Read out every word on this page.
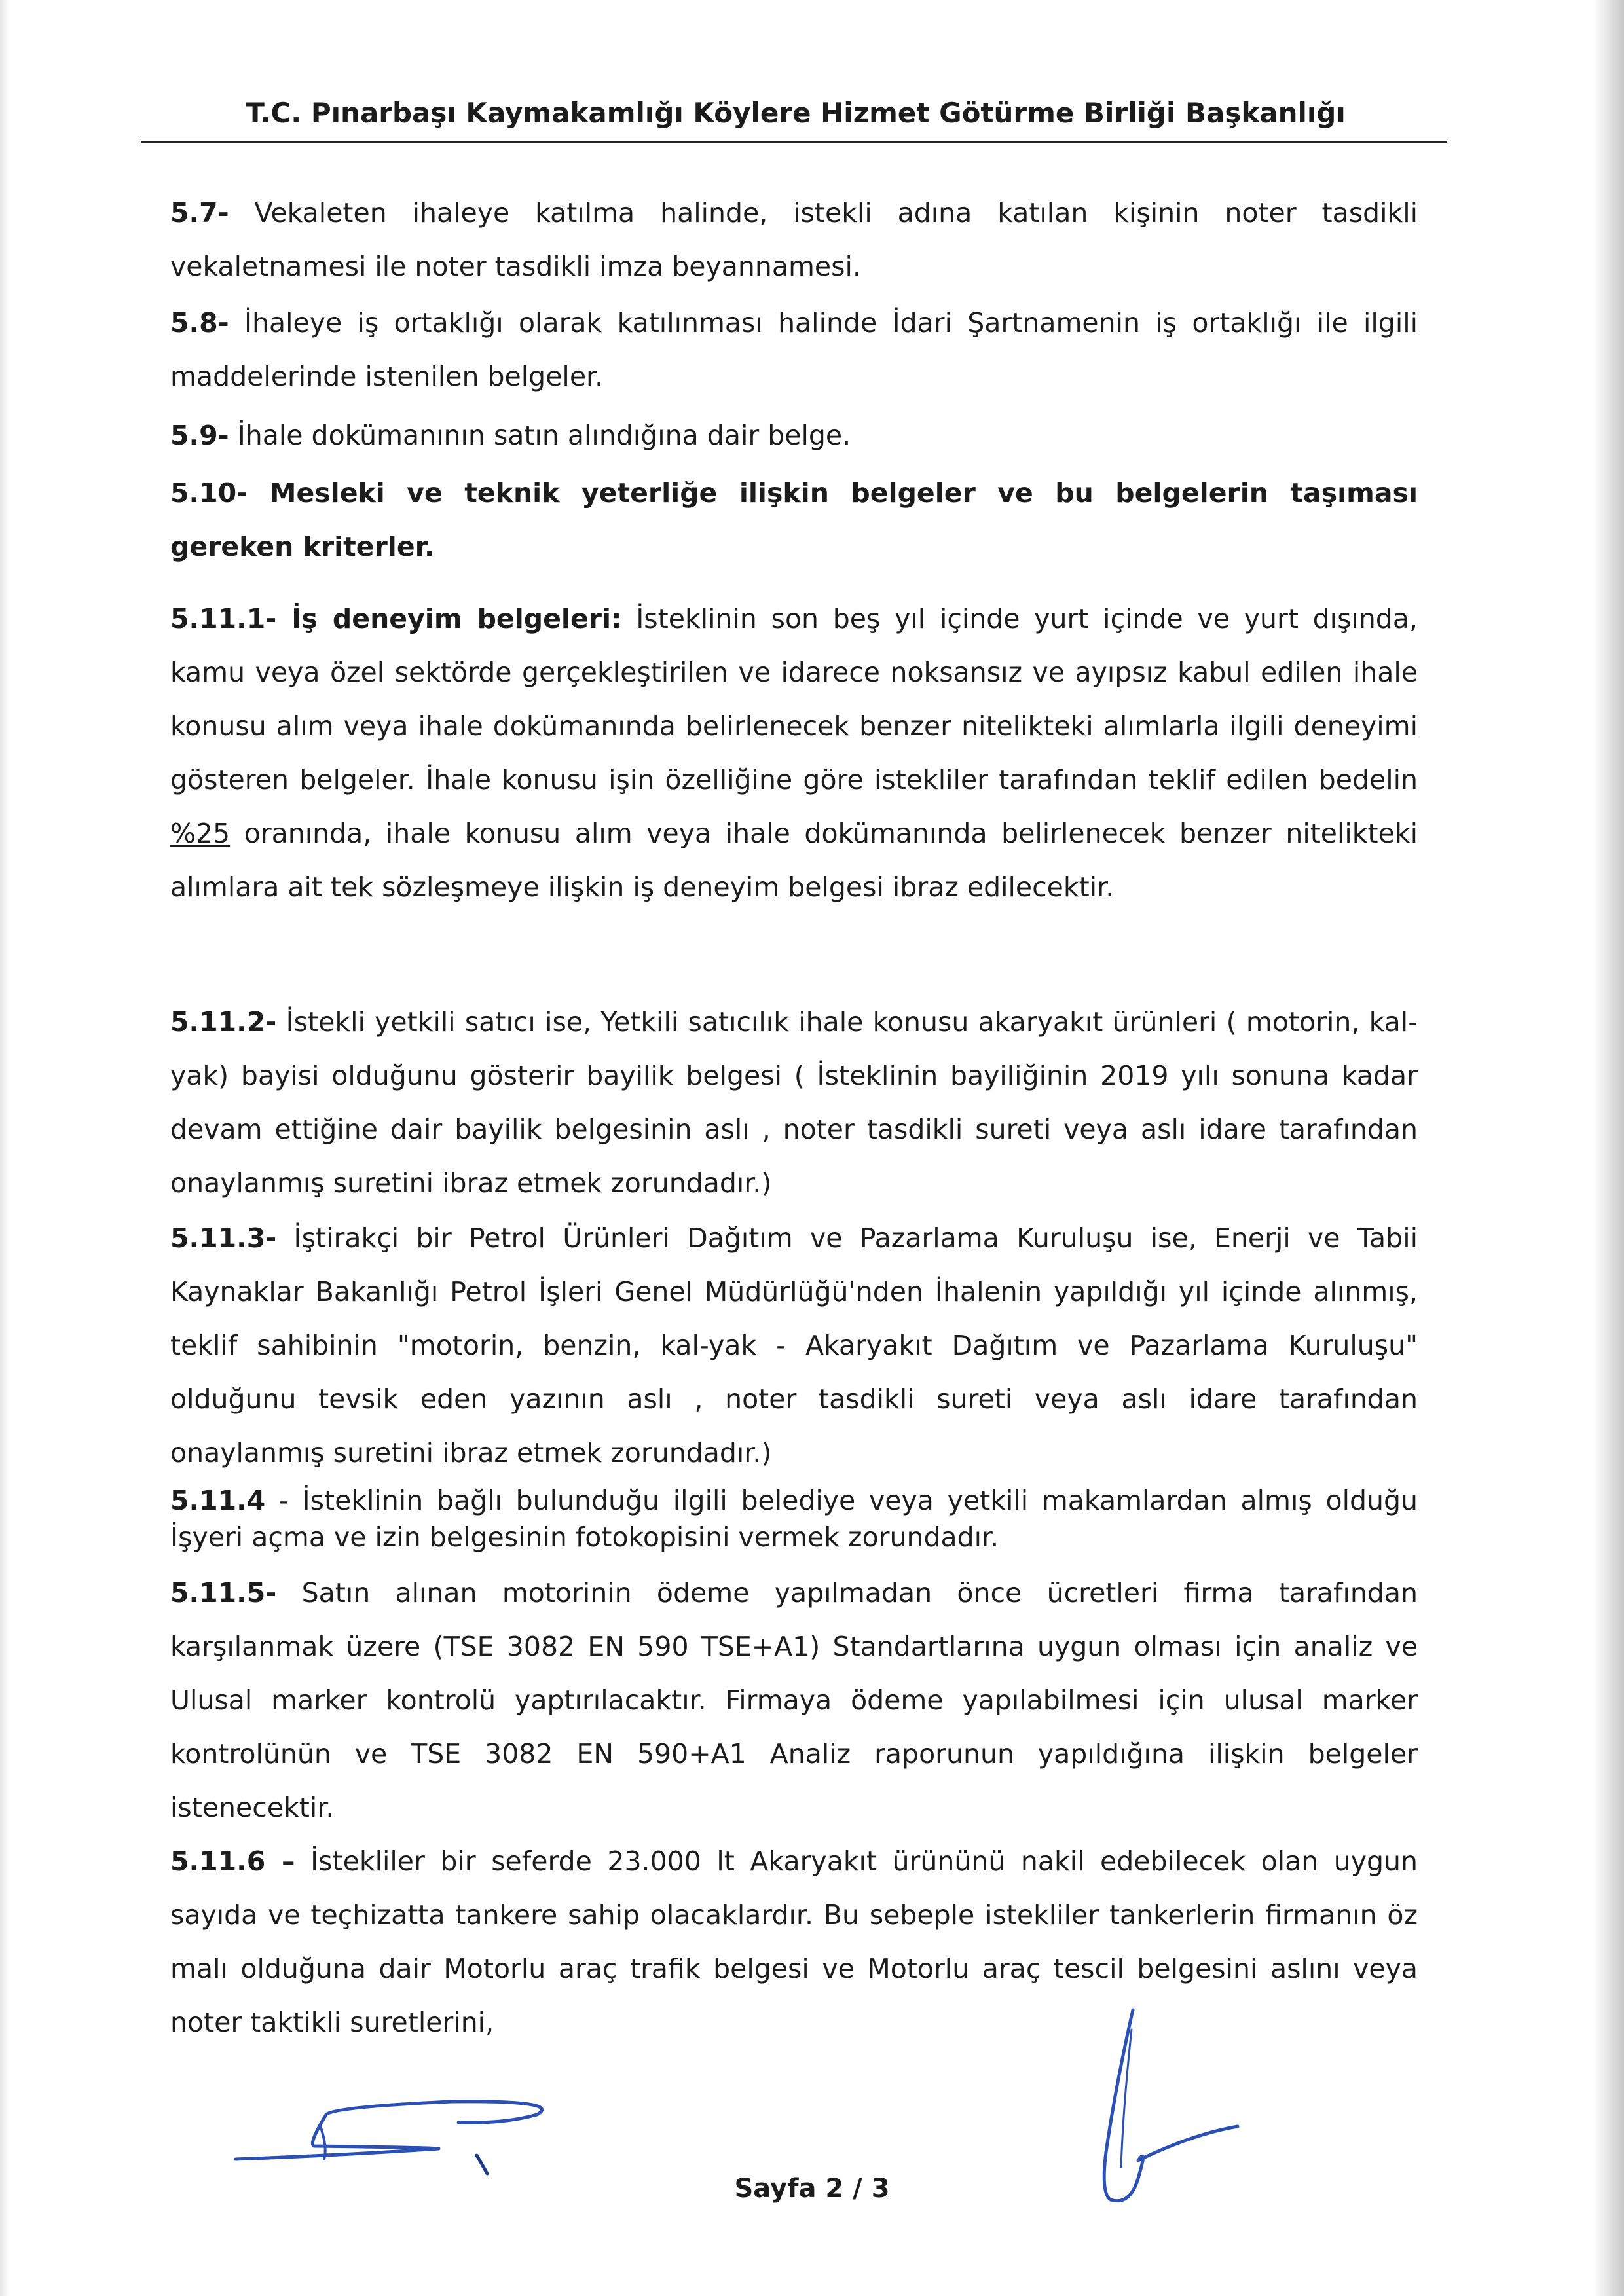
T.C. Pınarbaşı Kaymakamlığı Köylere Hizmet Götürme Birliği Başkanlığı
5.7- Vekaleten ihaleye katılma halinde, istekli adına katılan kişinin noter tasdikli vekaletnamesi ile noter tasdikli imza beyannamesi.
5.8- İhaleye iş ortaklığı olarak katılınması halinde İdari Şartnamenin iş ortaklığı ile ilgili maddelerinde istenilen belgeler.
5.9- İhale dokümanının satın alındığına dair belge.
5.10- Mesleki ve teknik yeterliğe ilişkin belgeler ve bu belgelerin taşıması gereken kriterler.
5.11.1- İş deneyim belgeleri: İsteklinin son beş yıl içinde yurt içinde ve yurt dışında, kamu veya özel sektörde gerçekleştirilen ve idarece noksansız ve ayıpsız kabul edilen ihale konusu alım veya ihale dokümanında belirlenecek benzer nitelikteki alımlarla ilgili deneyimi gösteren belgeler. İhale konusu işin özelliğine göre istekliler tarafından teklif edilen bedelin %25 oranında, ihale konusu alım veya ihale dokümanında belirlenecek benzer nitelikteki alımlara ait tek sözleşmeye ilişkin iş deneyim belgesi ibraz edilecektir.
5.11.2- İstekli yetkili satıcı ise, Yetkili satıcılık ihale konusu akaryakıt ürünleri ( motorin, kal-yak) bayisi olduğunu gösterir bayilik belgesi ( İsteklinin bayiliğinin 2019 yılı sonuna kadar devam ettiğine dair bayilik belgesinin aslı , noter tasdikli sureti veya aslı idare tarafından onaylanmış suretini ibraz etmek zorundadır.)
5.11.3- İştirakçi bir Petrol Ürünleri Dağıtım ve Pazarlama Kuruluşu ise, Enerji ve Tabii Kaynaklar Bakanlığı Petrol İşleri Genel Müdürlüğü'nden İhalenin yapıldığı yıl içinde alınmış, teklif sahibinin "motorin, benzin, kal-yak - Akaryakıt Dağıtım ve Pazarlama Kuruluşu" olduğunu tevsik eden yazının aslı , noter tasdikli sureti veya aslı idare tarafından onaylanmış suretini ibraz etmek zorundadır.)
5.11.4 - İsteklinin bağlı bulunduğu ilgili belediye veya yetkili makamlardan almış olduğu İşyeri açma ve izin belgesinin fotokopisini vermek zorundadır.
5.11.5- Satın alınan motorinin ödeme yapılmadan önce ücretleri firma tarafından karşılanmak üzere (TSE 3082 EN 590 TSE+A1) Standartlarına uygun olması için analiz ve Ulusal marker kontrolü yaptırılacaktır. Firmaya ödeme yapılabilmesi için ulusal marker kontrolünün ve TSE 3082 EN 590+A1 Analiz raporunun yapıldığına ilişkin belgeler istenecektir.
5.11.6 – İstekliler bir seferde 23.000 lt Akaryakıt ürününü nakil edebilecek olan uygun sayıda ve teçhizatta tankere sahip olacaklardır. Bu sebeple istekliler tankerlerin firmanın öz malı olduğuna dair Motorlu araç trafik belgesi ve Motorlu araç tescil belgesini aslını veya noter taktikli suretlerini,
Sayfa 2 / 3
